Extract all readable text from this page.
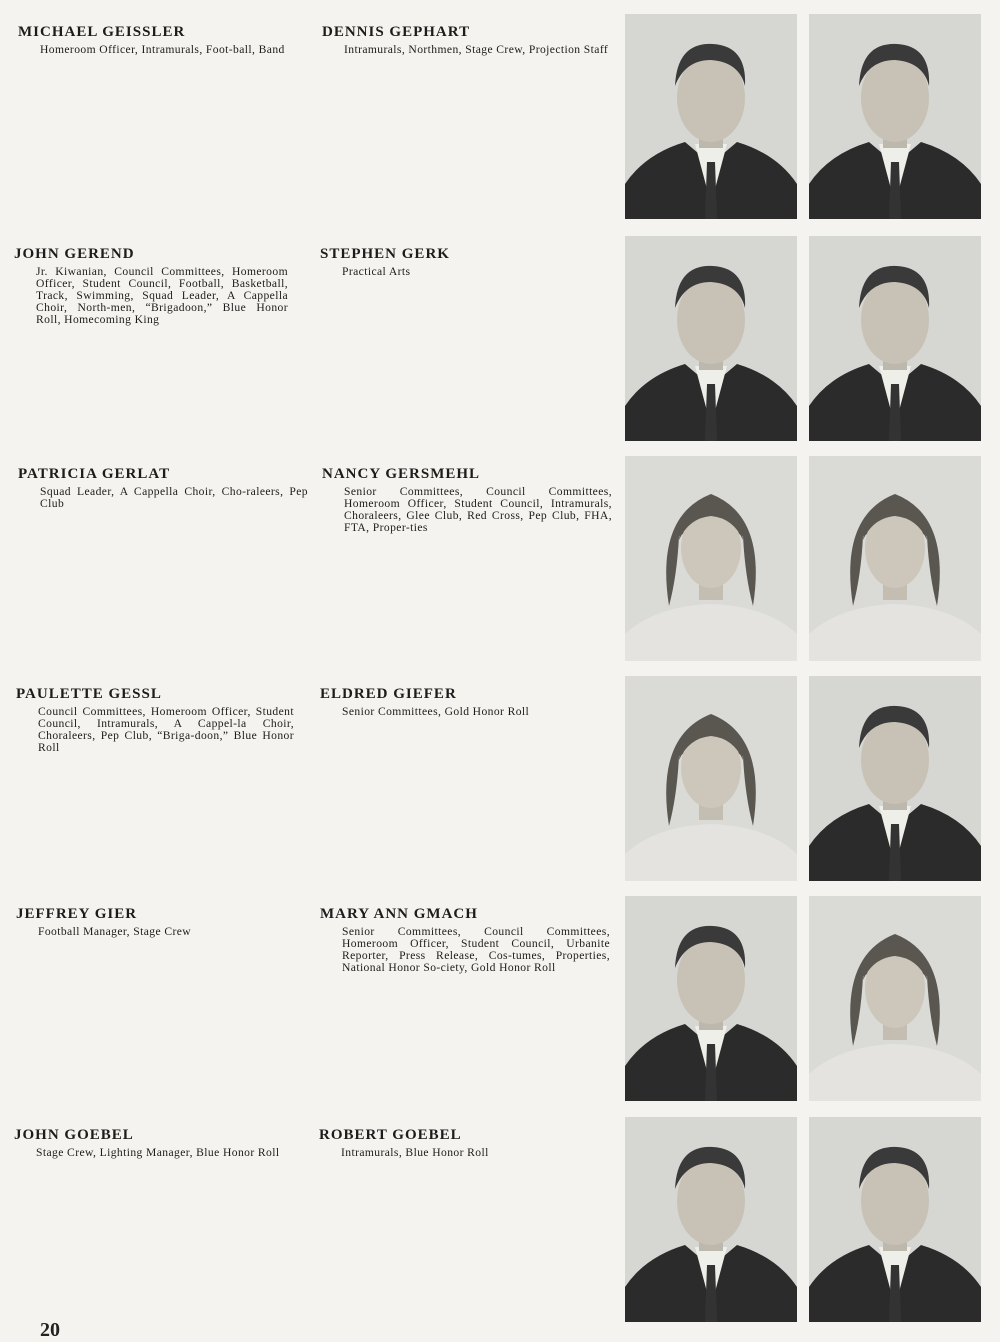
MICHAEL GEISSLER
Homeroom Officer, Intramurals, Foot-ball, Band
DENNIS GEPHART
Intramurals, Northmen, Stage Crew, Projection Staff
JOHN GEREND
Jr. Kiwanian, Council Committees, Homeroom Officer, Student Council, Football, Basketball, Track, Swimming, Squad Leader, A Cappella Choir, North-men, “Brigadoon,” Blue Honor Roll, Homecoming King
STEPHEN GERK
Practical Arts
PATRICIA GERLAT
Squad Leader, A Cappella Choir, Cho-raleers, Pep Club
NANCY GERSMEHL
Senior Committees, Council Committees, Homeroom Officer, Student Council, Intramurals, Choraleers, Glee Club, Red Cross, Pep Club, FHA, FTA, Proper-ties
PAULETTE GESSL
Council Committees, Homeroom Officer, Student Council, Intramurals, A Cappel-la Choir, Choraleers, Pep Club, “Briga-doon,” Blue Honor Roll
ELDRED GIEFER
Senior Committees, Gold Honor Roll
JEFFREY GIER
Football Manager, Stage Crew
MARY ANN GMACH
Senior Committees, Council Committees, Homeroom Officer, Student Council, Urbanite Reporter, Press Release, Cos-tumes, Properties, National Honor So-ciety, Gold Honor Roll
JOHN GOEBEL
Stage Crew, Lighting Manager, Blue Honor Roll
ROBERT GOEBEL
Intramurals, Blue Honor Roll
20
